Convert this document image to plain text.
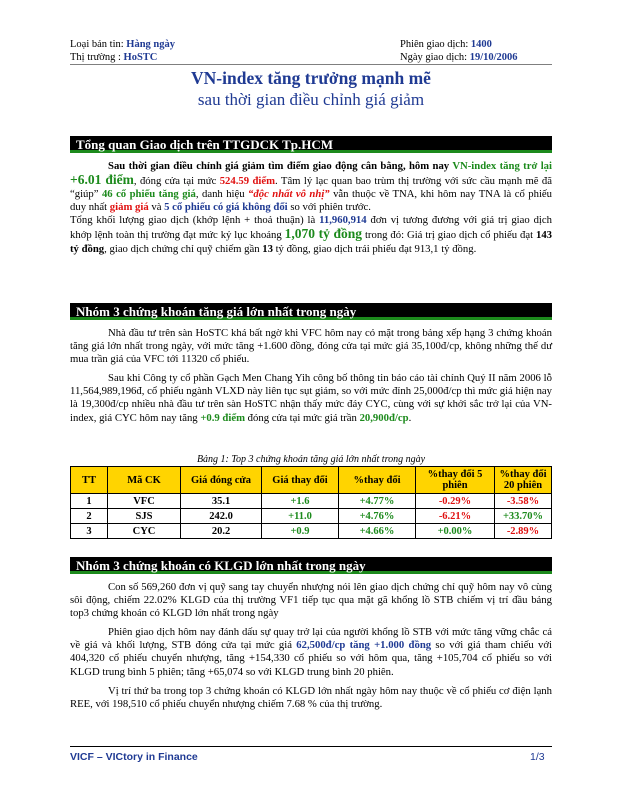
Loại bản tin: Hàng ngày	Phiên giao dịch: 1400
Thị trường : HoSTC	Ngày giao dịch: 19/10/2006
VN-index tăng trưởng mạnh mẽ
sau thời gian điều chỉnh giá giảm
Tổng quan Giao dịch trên TTGDCK Tp.HCM

Sau thời gian điều chỉnh giá giảm tìm điểm giao động cân bằng, hôm nay VN-index tăng trở lại +6.01 điểm, đóng cửa tại mức 524.59 điểm. Tâm lý lạc quan bao trùm thị trường với sức cầu mạnh mẽ đã “giúp” 46 cổ phiếu tăng giá, danh hiệu “độc nhất vô nhị” vẫn thuộc về TNA, khi hôm nay TNA là cổ phiếu duy nhất giảm giá và 5 cổ phiếu có giá không đổi so với phiên trước.

Tổng khối lượng giao dịch (khớp lệnh + thoả thuận) là 11,960,914 đơn vị tương đương với giá trị giao dịch khớp lệnh toàn thị trường đạt mức kỷ lục khoảng 1,070 tỷ đồng trong đó: Giá trị giao dịch cổ phiếu đạt 143 tỷ đồng, giao dịch chứng chỉ quỹ chiếm gần 13 tỷ đồng, giao dịch trái phiếu đạt 913,1 tỷ đồng.

Nhóm 3 chứng khoán tăng giá lớn nhất trong ngày

Nhà đầu tư trên sàn HoSTC khá bất ngờ khi VFC hôm nay có mặt trong bảng xếp hạng 3 chứng khoán tăng giá lớn nhất trong ngày, với mức tăng +1.600 đồng, đóng cửa tại mức giá 35,100đ/cp, không những thế dư mua trần giá của VFC tới 11320 cổ phiếu.

Sau khi Công ty cổ phần Gạch Men Chang Yih công bố thông tin báo cáo tài chính Quý II năm 2006 lỗ 11,564,989,196đ, cổ phiếu ngành VLXD này liên tục sụt giảm, so với mức đỉnh 25,000đ/cp thì mức giá hiện nay là 19,300đ/cp nhiều nhà đầu tư trên sàn HoSTC nhận thấy mức đáy CYC, cùng với sự khởi sắc trở lại của VN-index, giá CYC hôm nay tăng +0.9 điểm đóng cửa tại mức giá trần 20,900đ/cp.

Bảng 1: Top 3 chứng khoán tăng giá lớn nhất trong ngày
TT	Mã CK	Giá đóng cửa	Giá thay đổi	%thay đổi	%thay đổi 5 phiên	%thay đổi 20 phiên
1	VFC	35.1	+1.6	+4.77%	-0.29%	-3.58%
2	SJS	242.0	+11.0	+4.76%	-6.21%	+33.70%
3	CYC	20.2	+0.9	+4.66%	+0.00%	-2.89%
Nhóm 3 chứng khoán có KLGD lớn nhất trong ngày

Con số 569,260 đơn vị quỹ sang tay chuyển nhượng nói lên giao dịch chứng chỉ quỹ hôm nay vô cùng sôi động, chiếm 22.02% KLGD của thị trường VF1 tiếp tục qua mặt gã khổng lồ STB chiếm vị trí đầu bảng top3 chứng khoán có KLGD lớn nhất trong ngày

Phiên giao dịch hôm nay đánh dấu sự quay trở lại của người khổng lồ STB với mức tăng vững chắc cả về giá và khối lượng, STB đóng cửa tại mức giá 62,500đ/cp tăng +1.000 đồng so với giá tham chiếu với 404,320 cổ phiếu chuyển nhượng, tăng +154,330 cổ phiếu so với hôm qua, tăng +105,704 cổ phiếu so với KLGD trung bình 5 phiên; tăng +65,074 so với KLGD trung bình 20 phiên.

Vị trí thứ ba trong top 3 chứng khoán có KLGD lớn nhất ngày hôm nay thuộc về cổ phiếu cơ điện lạnh REE, với 198,510 cổ phiếu chuyển nhượng chiếm 7.68 % của thị trường.

VICF – VICtory in Finance	1/3
